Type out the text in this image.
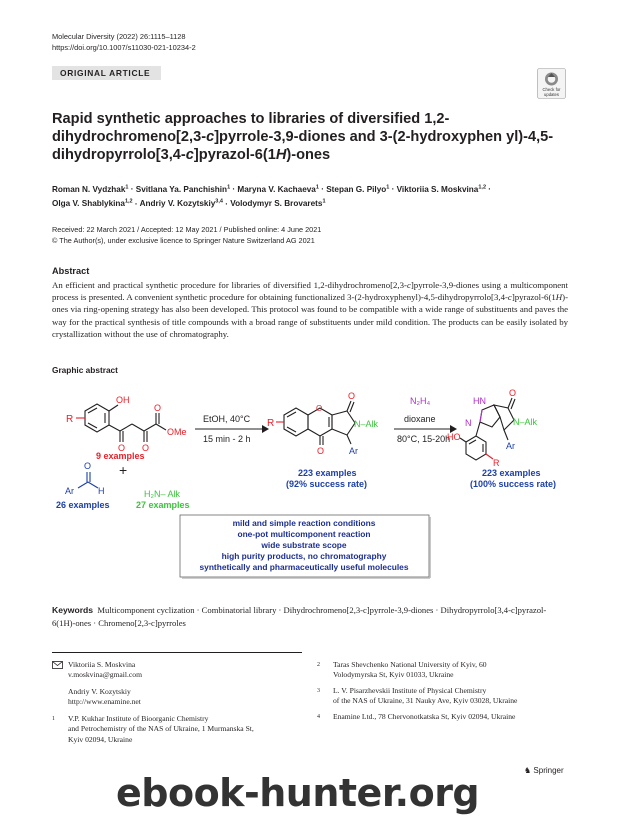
Molecular Diversity (2022) 26:1115–1128
https://doi.org/10.1007/s11030-021-10234-2
ORIGINAL ARTICLE
Check for
updates
Rapid synthetic approaches to libraries of diversified 1,2-dihydrochromeno[2,3-c]pyrrole-3,9-diones and 3-(2-hydroxyphen yl)-4,5-dihydropyrrolo[3,4-c]pyrazol-6(1H)-ones
Roman N. Vydzhak$^1$ · Svitlana Ya. Panchishin$^1$ · Maryna V. Kachaeva$^1$ · Stepan G. Pilyo$^1$ · Viktoriia S. Moskvina$^{1,2}$ ·
Olga V. Shablykina$^{1,2}$ · Andriy V. Kozytskiy$^{3,4}$ · Volodymyr S. Brovarets$^1$
Received: 22 March 2021 / Accepted: 12 May 2021 / Published online: 4 June 2021
© The Author(s), under exclusive licence to Springer Nature Switzerland AG 2021
Abstract
An efficient and practical synthetic procedure for libraries of diversified 1,2-dihydrochromeno[2,3-c]pyrrole-3,9-diones using a multicomponent process is presented. A convenient synthetic procedure for obtaining functionalized 3-(2-hydroxyphenyl)-4,5-dihydropyrrolo[3,4-c]pyrazol-6(1H)-ones via ring-opening strategy has also been developed. This protocol was found to be compatible with a wide range of substituents and paves the way for the practical synthesis of title compounds with a broad range of substituents under mild condition. The products can be easily isolated by crystallization without the use of chromatography.
Graphic abstract
R
OH
O O
O
OMe
9 examples
+
O
Ar	H
26 examples
H₂N– Alk
27 examples
EtOH, 40°C
15 min - 2 h
R
O
O
O
N–Alk
Ar
223 examples
(92% success rate)
N₂H₄
dioxane
80°C, 15-20h
HN
N
O
N–Alk
Ar
HO
R
223 examples
(100% success rate)
mild and simple reaction conditions
one-pot multicomponent reaction
wide substrate scope
high purity products, no chromatography
synthetically and pharmaceutically useful molecules
Keywords Multicomponent cyclization · Combinatorial library · Dihydrochromeno[2,3-c]pyrrole-3,9-diones · Dihydropyrrolo[3,4-c]pyrazol-6(1H)-ones · Chromeno[2,3-c]pyrroles
Viktoriia S. Moskvina
v.moskvina@gmail.com
Andriy V. Kozytskiy
http://www.enamine.net
1 V.P. Kukhar Institute of Bioorganic Chemistry
and Petrochemistry of the NAS of Ukraine, 1 Murmanska St,
Kyiv 02094, Ukraine
2 Taras Shevchenko National University of Kyiv, 60
Volodymyrska St, Kyiv 01033, Ukraine
3 L. V. Pisarzhevskii Institute of Physical Chemistry
of the NAS of Ukraine, 31 Nauky Ave, Kyiv 03028, Ukraine
4 Enamine Ltd., 78 Chervonotkatska St, Kyiv 02094, Ukraine
♞ Springer
ebook-hunter.org
